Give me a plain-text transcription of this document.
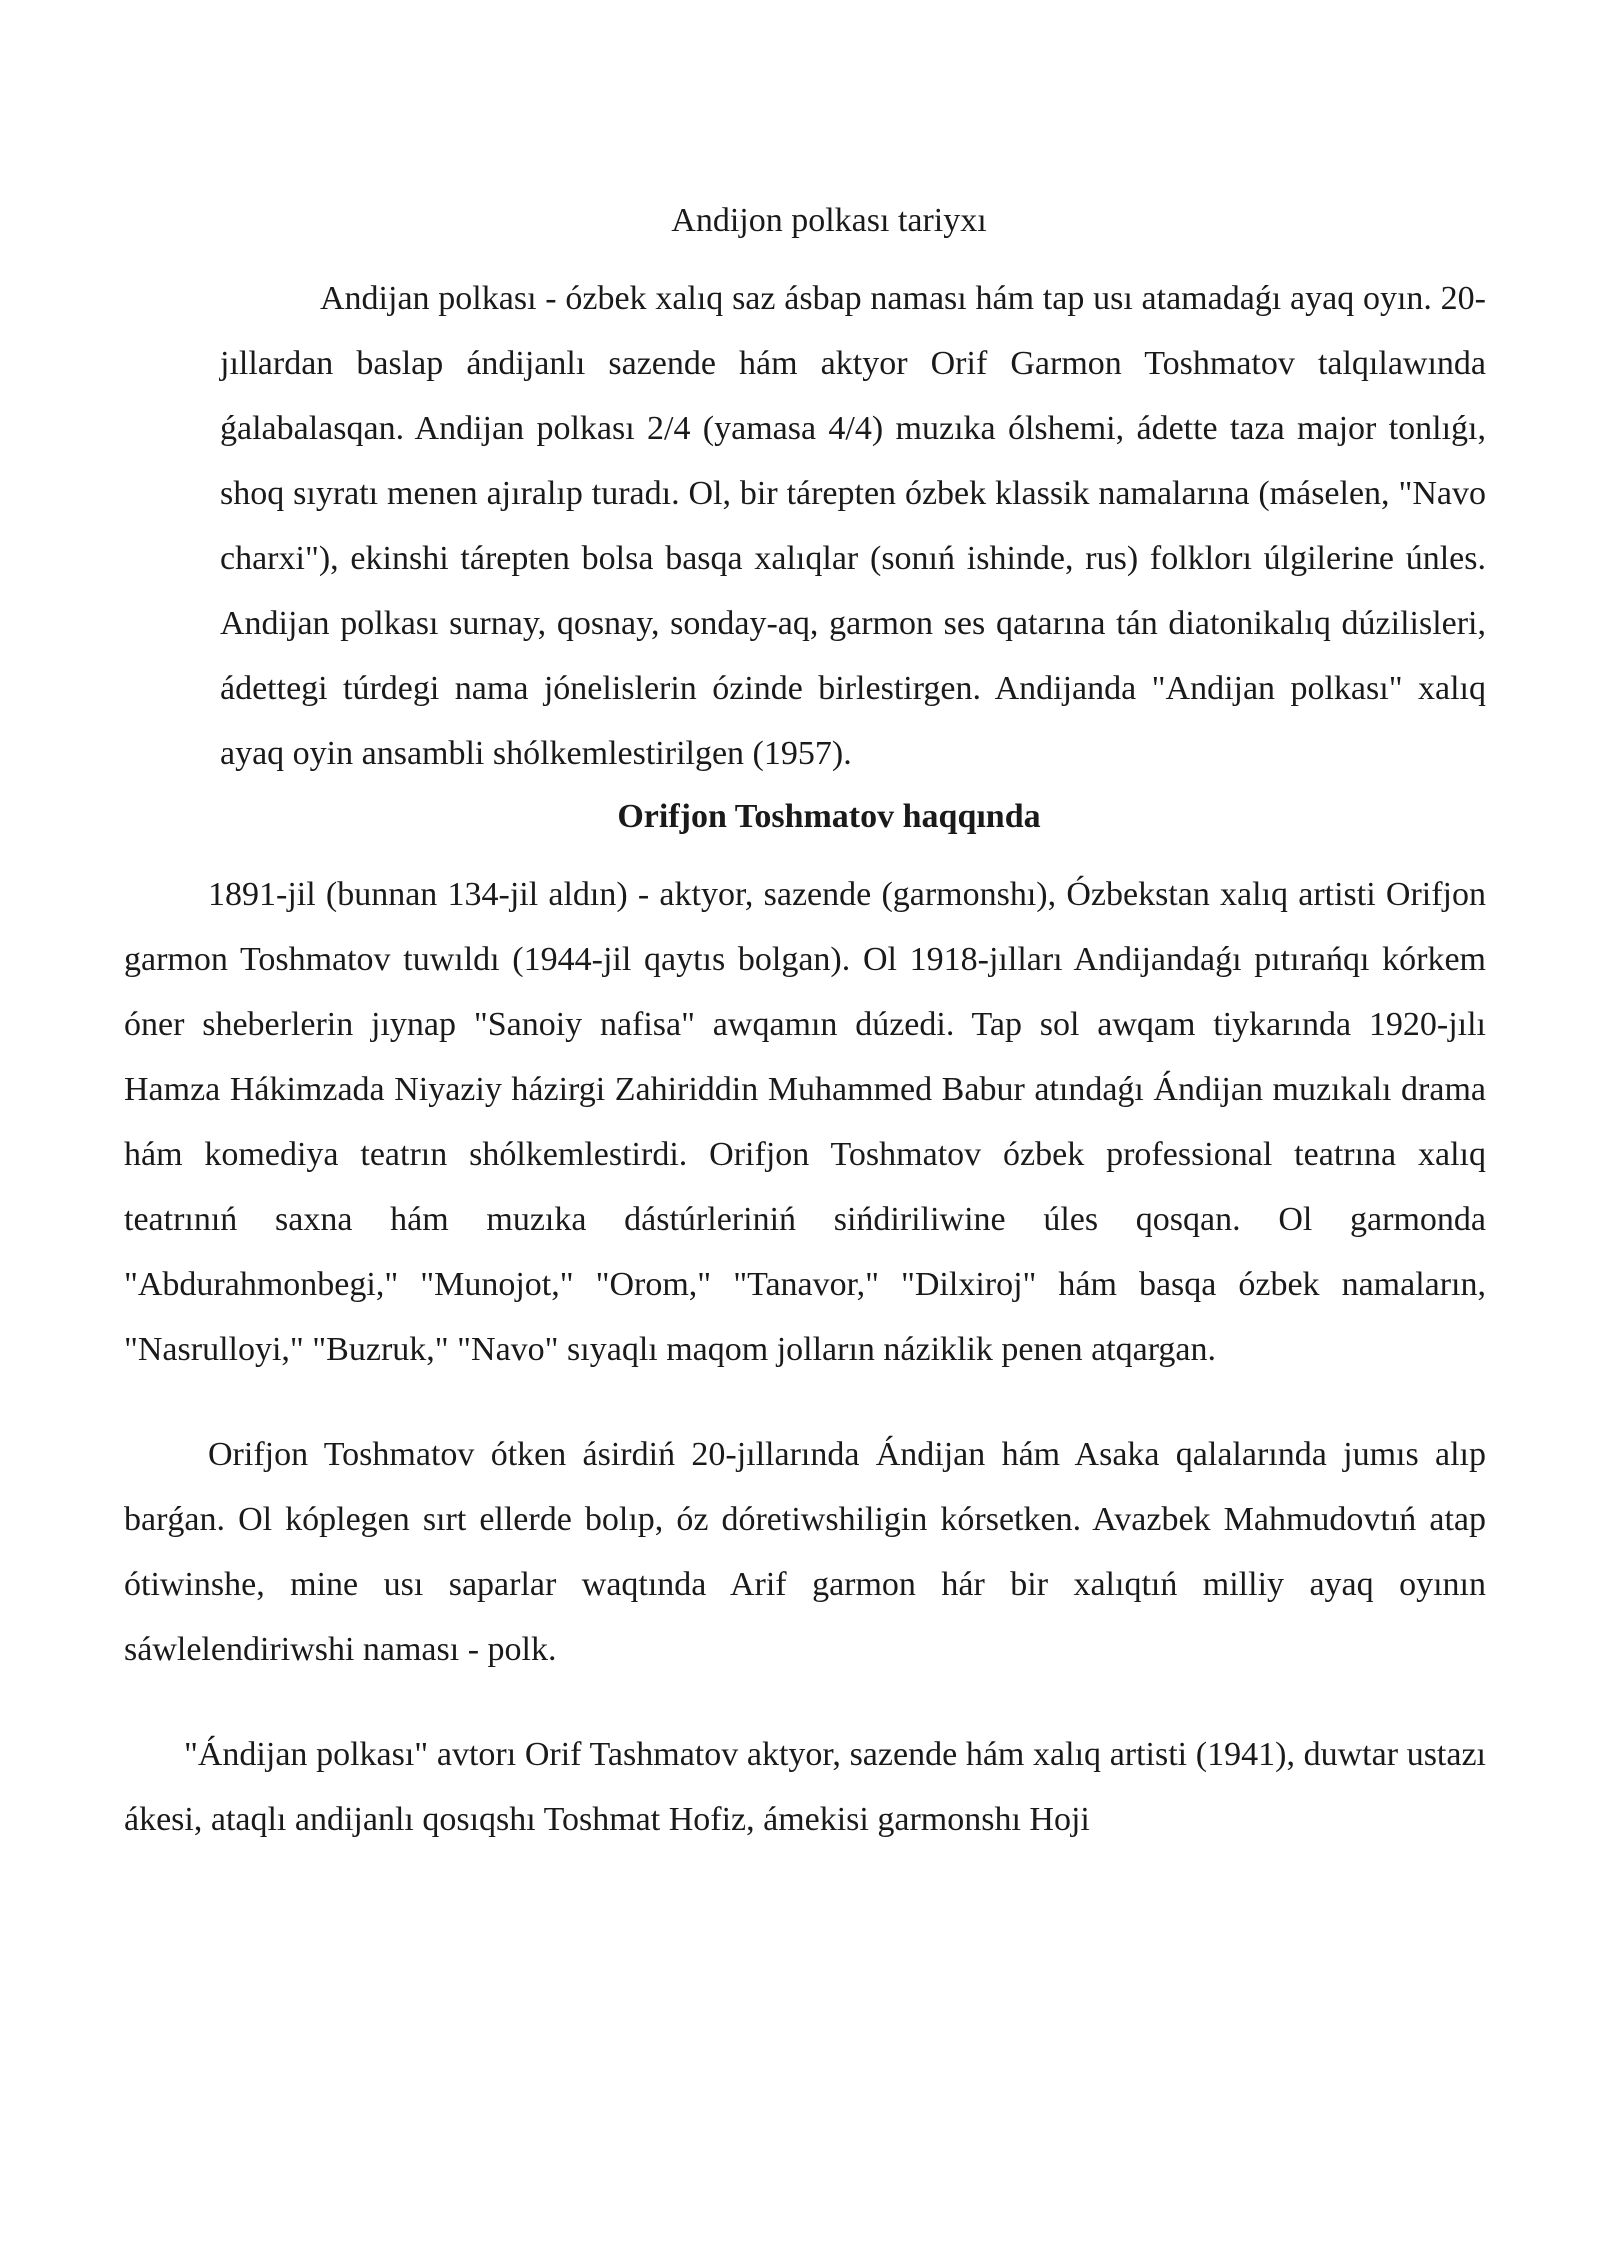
Andijon polkası tariyxı

Andijan polkası - ózbek xalıq saz ásbap naması hám tap usı atamadaǵı ayaq oyın. 20-jıllardan baslap ándijanlı sazende hám aktyor Orif Garmon Toshmatov talqılawında ǵalabalasqan. Andijan polkası 2/4 (yamasa 4/4) muzıka ólshemi, ádette taza major tonlıǵı, shoq sıyratı menen ajıralıp turadı. Ol, bir tárepten ózbek klassik namalarına (máselen, "Navo charxi"), ekinshi tárepten bolsa basqa xalıqlar (sonıń ishinde, rus) folklorı úlgilerine únles. Andijan polkası surnay, qosnay, sonday-aq, garmon ses qatarına tán diatonikalıq dúzilisleri, ádettegi túrdegi nama jónelislerin ózinde birlestirgen. Andijanda "Andijan polkası" xalıq ayaq oyin ansambli shólkemlestirilgen (1957).

Orifjon Toshmatov haqqında

1891-jil (bunnan 134-jil aldın) - aktyor, sazende (garmonshı), Ózbekstan xalıq artisti Orifjon garmon Toshmatov tuwıldı (1944-jil qaytıs bolgan). Ol 1918-jılları Andijandaǵı pıtırańqı kórkem óner sheberlerin jıynap "Sanoiy nafisa" awqamın dúzedi. Tap sol awqam tiykarında 1920-jılı Hamza Hákimzada Niyaziy házirgi Zahiriddin Muhammed Babur atındaǵı Ándijan muzıkalı drama hám komediya teatrın shólkemlestirdi. Orifjon Toshmatov ózbek professional teatrına xalıq teatrınıń saxna hám muzıka dástúrleriniń sińdiriliwine úles qosqan. Ol garmonda "Abdurahmonbegi," "Munojot," "Orom," "Tanavor," "Dilxiroj" hám basqa ózbek namaların, "Nasrulloyi," "Buzruk," "Navo" sıyaqlı maqom jolların náziklik penen atqargan.

Orifjon Toshmatov ótken ásirdiń 20-jıllarında Ándijan hám Asaka qalalarında jumıs alıp barǵan. Ol kóplegen sırt ellerde bolıp, óz dóretiwshiligin kórsetken. Avazbek Mahmudovtıń atap ótiwinshe, mine usı saparlar waqtında Arif garmon hár bir xalıqtıń milliy ayaq oyının sáwlelendiriwshi naması - polk.

"Ándijan polkası" avtorı Orif Tashmatov aktyor, sazende hám xalıq artisti (1941), duwtar ustazı ákesi, ataqlı andijanlı qosıqshı Toshmat Hofiz, ámekisi garmonshı Hoji
